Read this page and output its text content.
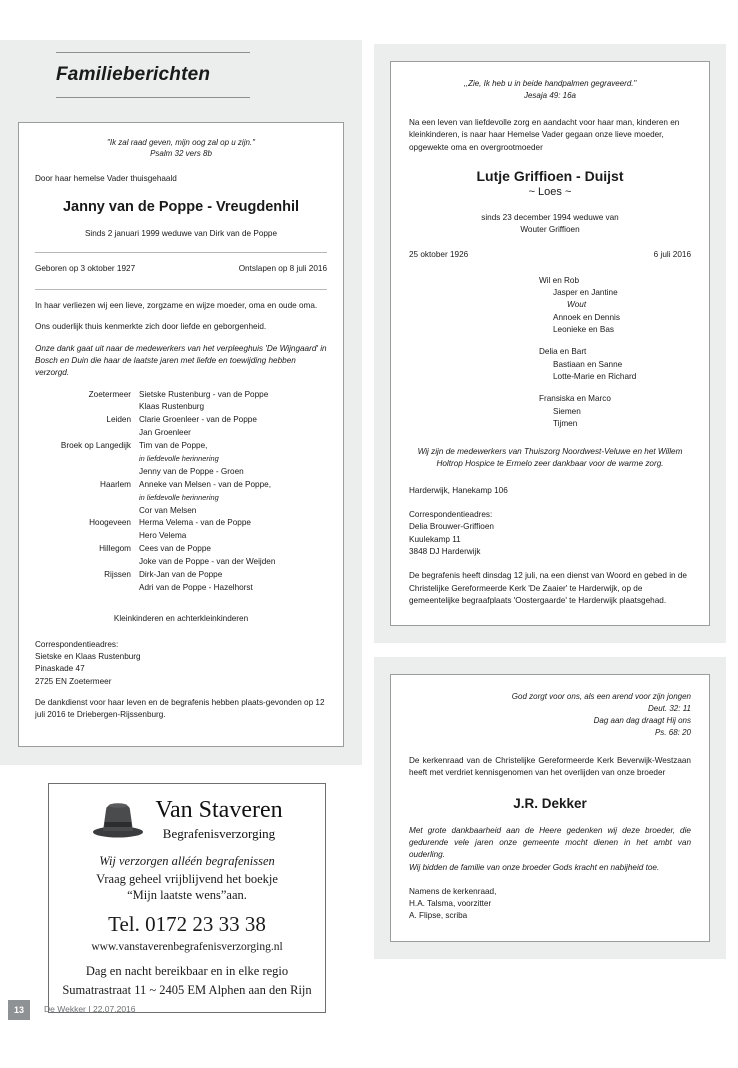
Familieberichten
"Ik zal raad geven, mijn oog zal op u zijn."
Psalm 32 vers 8b
Door haar hemelse Vader thuisgehaald
Janny van de Poppe - Vreugdenhil
Sinds 2 januari 1999 weduwe van Dirk van de Poppe
Geboren op 3 oktober 1927	Ontslapen op 8 juli 2016
In haar verliezen wij een lieve, zorgzame en wijze moeder, oma en oude oma.
Ons ouderlijk thuis kenmerkte zich door liefde en geborgenheid.
Onze dank gaat uit naar de medewerkers van het verpleeghuis 'De Wijngaard' in Bosch en Duin die haar de laatste jaren met liefde en toewijding hebben verzorgd.
Zoetermeer	Sietske Rustenburg - van de Poppe
	Klaas Rustenburg
Leiden	Clarie Groenleer - van de Poppe
	Jan Groenleer
Broek op Langedijk	Tim van de Poppe,
	in liefdevolle herinnering
	Jenny van de Poppe - Groen
Haarlem	Anneke van Melsen - van de Poppe,
	in liefdevolle herinnering
	Cor van Melsen
Hoogeveen	Herma Velema - van de Poppe
	Hero Velema
Hillegom	Cees van de Poppe
	Joke van de Poppe - van der Weijden
Rijssen	Dirk-Jan van de Poppe
	Adri van de Poppe - Hazelhorst

Kleinkinderen en achterkleinkinderen
Correspondentieadres:
Sietske en Klaas Rustenburg
Pinaskade 47
2725 EN Zoetermeer
De dankdienst voor haar leven en de begrafenis hebben plaats-gevonden op 12 juli 2016 te Driebergen-Rijssenburg.
Van Staveren
Begrafenisverzorging
Wij verzorgen alléén begrafenissen
Vraag geheel vrijblijvend het boekje
“Mijn laatste wens”aan.
Tel. 0172 23 33 38
www.vanstaverenbegrafenisverzorging.nl
Dag en nacht bereikbaar en in elke regio
Sumatrastraat 11 ~ 2405 EM Alphen aan den Rijn
,,Zie, Ik heb u in beide handpalmen gegraveerd."
Jesaja 49: 16a
Na een leven van liefdevolle zorg en aandacht voor haar man, kinderen en kleinkinderen, is naar haar Hemelse Vader gegaan onze lieve moeder, opgewekte oma en overgrootmoeder
Lutje Griffioen - Duijst
~ Loes ~
sinds 23 december 1994 weduwe van
Wouter Griffioen
25 oktober 1926	6 juli 2016
Wil en Rob
Jasper en Jantine
Wout
Annoek en Dennis
Leonieke en Bas
Delia en Bart
Bastiaan en Sanne
Lotte-Marie en Richard
Fransiska en Marco
Siemen
Tijmen
Wij zijn de medewerkers van Thuiszorg Noordwest-Veluwe en het Willem Holtrop Hospice te Ermelo zeer dankbaar voor de warme zorg.
Harderwijk, Hanekamp 106
Correspondentieadres:
Delia Brouwer-Griffioen
Kuulekamp 11
3848 DJ Harderwijk
De begrafenis heeft dinsdag 12 juli, na een dienst van Woord en gebed in de Christelijke Gereformeerde Kerk 'De Zaaier' te Harderwijk, op de gemeentelijke begraafplaats 'Oostergaarde' te Harderwijk plaatsgehad.
God zorgt voor ons, als een arend voor zijn jongen
Deut. 32: 11
Dag aan dag draagt Hij ons
Ps. 68: 20
De kerkenraad van de Christelijke Gereformeerde Kerk Beverwijk-Westzaan heeft met verdriet kennisgenomen van het overlijden van onze broeder
J.R. Dekker
Met grote dankbaarheid aan de Heere gedenken wij deze broeder, die gedurende vele jaren onze gemeente mocht dienen in het ambt van ouderling.
Wij bidden de familie van onze broeder Gods kracht en nabijheid toe.
Namens de kerkenraad,
H.A. Talsma, voorzitter
A. Flipse, scriba
13	De Wekker I 22.07.2016
